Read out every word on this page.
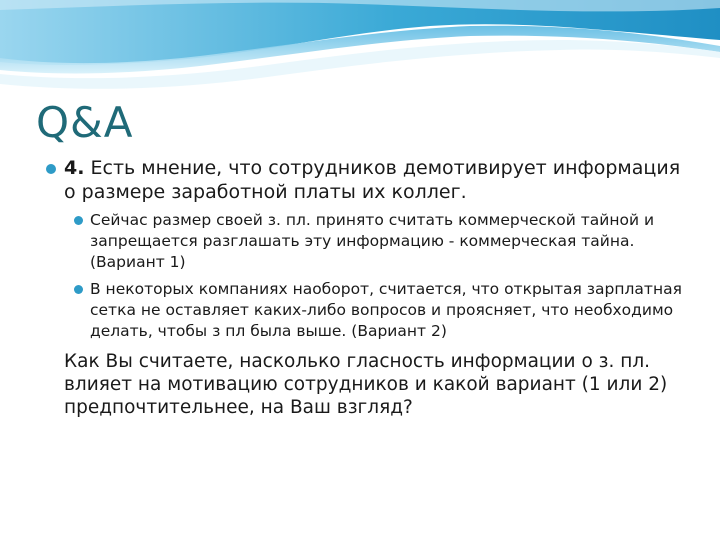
Q&A
4. Есть мнение, что сотрудников демотивирует информация о размере заработной платы их коллег.
Сейчас размер своей з. пл. принято считать коммерческой тайной и запрещается разглашать эту информацию - коммерческая тайна. (Вариант 1)
В некоторых компаниях наоборот, считается, что открытая зарплатная сетка не оставляет каких-либо вопросов и проясняет, что необходимо делать, чтобы з пл была выше. (Вариант 2)
Как Вы считаете, насколько гласность информации о з. пл. влияет на мотивацию сотрудников и какой вариант (1 или 2) предпочтительнее, на Ваш взгляд?
